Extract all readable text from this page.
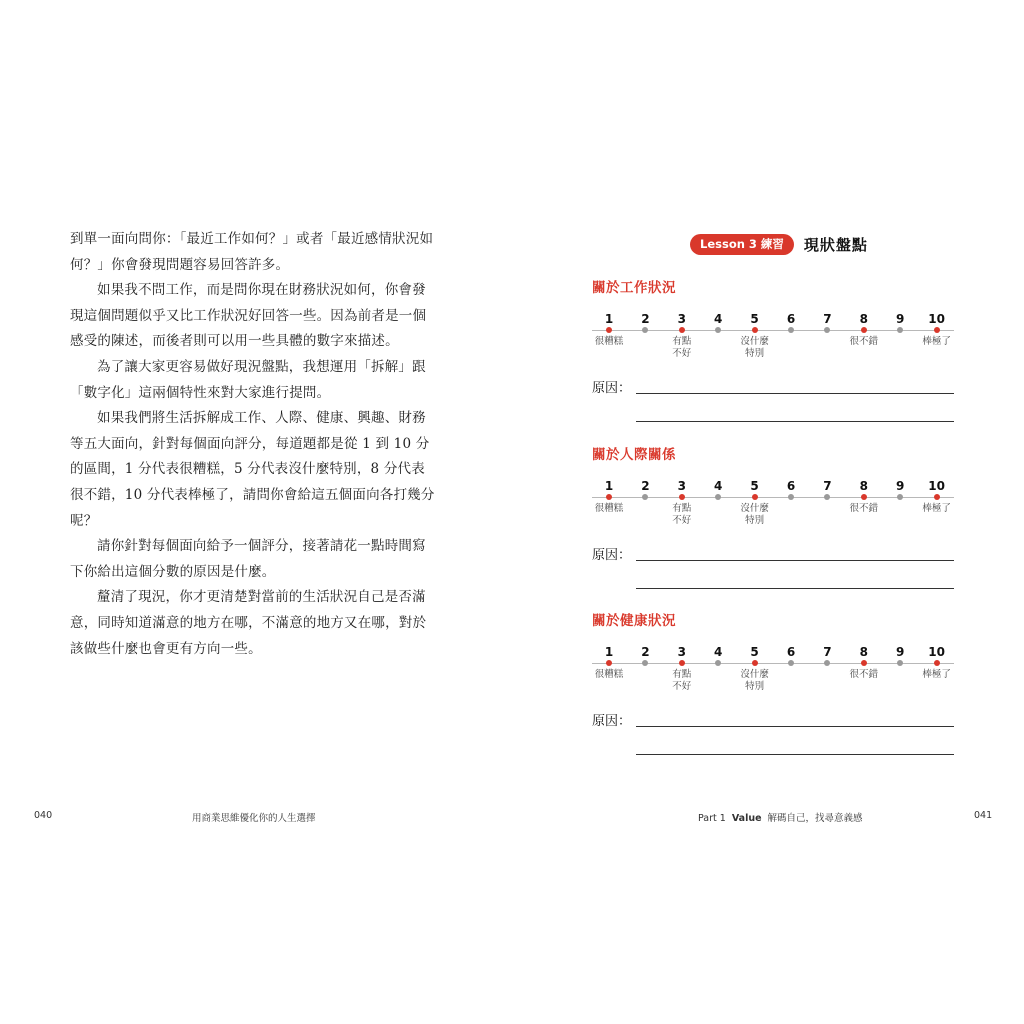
到單一面向問你：「最近工作如何？」或者「最近感情狀況如何？」你會發現問題容易回答許多。

如果我不問工作，而是問你現在財務狀況如何，你會發現這個問題似乎又比工作狀況好回答一些。因為前者是一個感受的陳述，而後者則可以用一些具體的數字來描述。

為了讓大家更容易做好現況盤點，我想運用「拆解」跟「數字化」這兩個特性來對大家進行提問。

如果我們將生活拆解成工作、人際、健康、興趣、財務等五大面向，針對每個面向評分，每道題都是從 1 到 10 分的區間，1 分代表很糟糕，5 分代表沒什麼特別，8 分代表很不錯，10 分代表棒極了，請問你會給這五個面向各打幾分呢？

請你針對每個面向給予一個評分，接著請花一點時間寫下你給出這個分數的原因是什麼。

釐清了現況，你才更清楚對當前的生活狀況自己是否滿意，同時知道滿意的地方在哪，不滿意的地方又在哪，對於該做些什麼也會更有方向一些。

040	用商業思維優化你的人生選擇
Lesson 3 練習	現狀盤點
關於工作狀況
1 2 3 4 5 6 7 8 9 10
很糟糕	有點
不好
沒什麼
特別
很不錯	棒極了
原因：
關於人際關係
1 2 3 4 5 6 7 8 9 10
很糟糕	有點
不好
沒什麼
特別
很不錯	棒極了
原因：
關於健康狀況
1 2 3 4 5 6 7 8 9 10
很糟糕	有點
不好
沒什麼
特別
很不錯	棒極了
原因：
Part 1 Value 解碼自己，找尋意義感	041
